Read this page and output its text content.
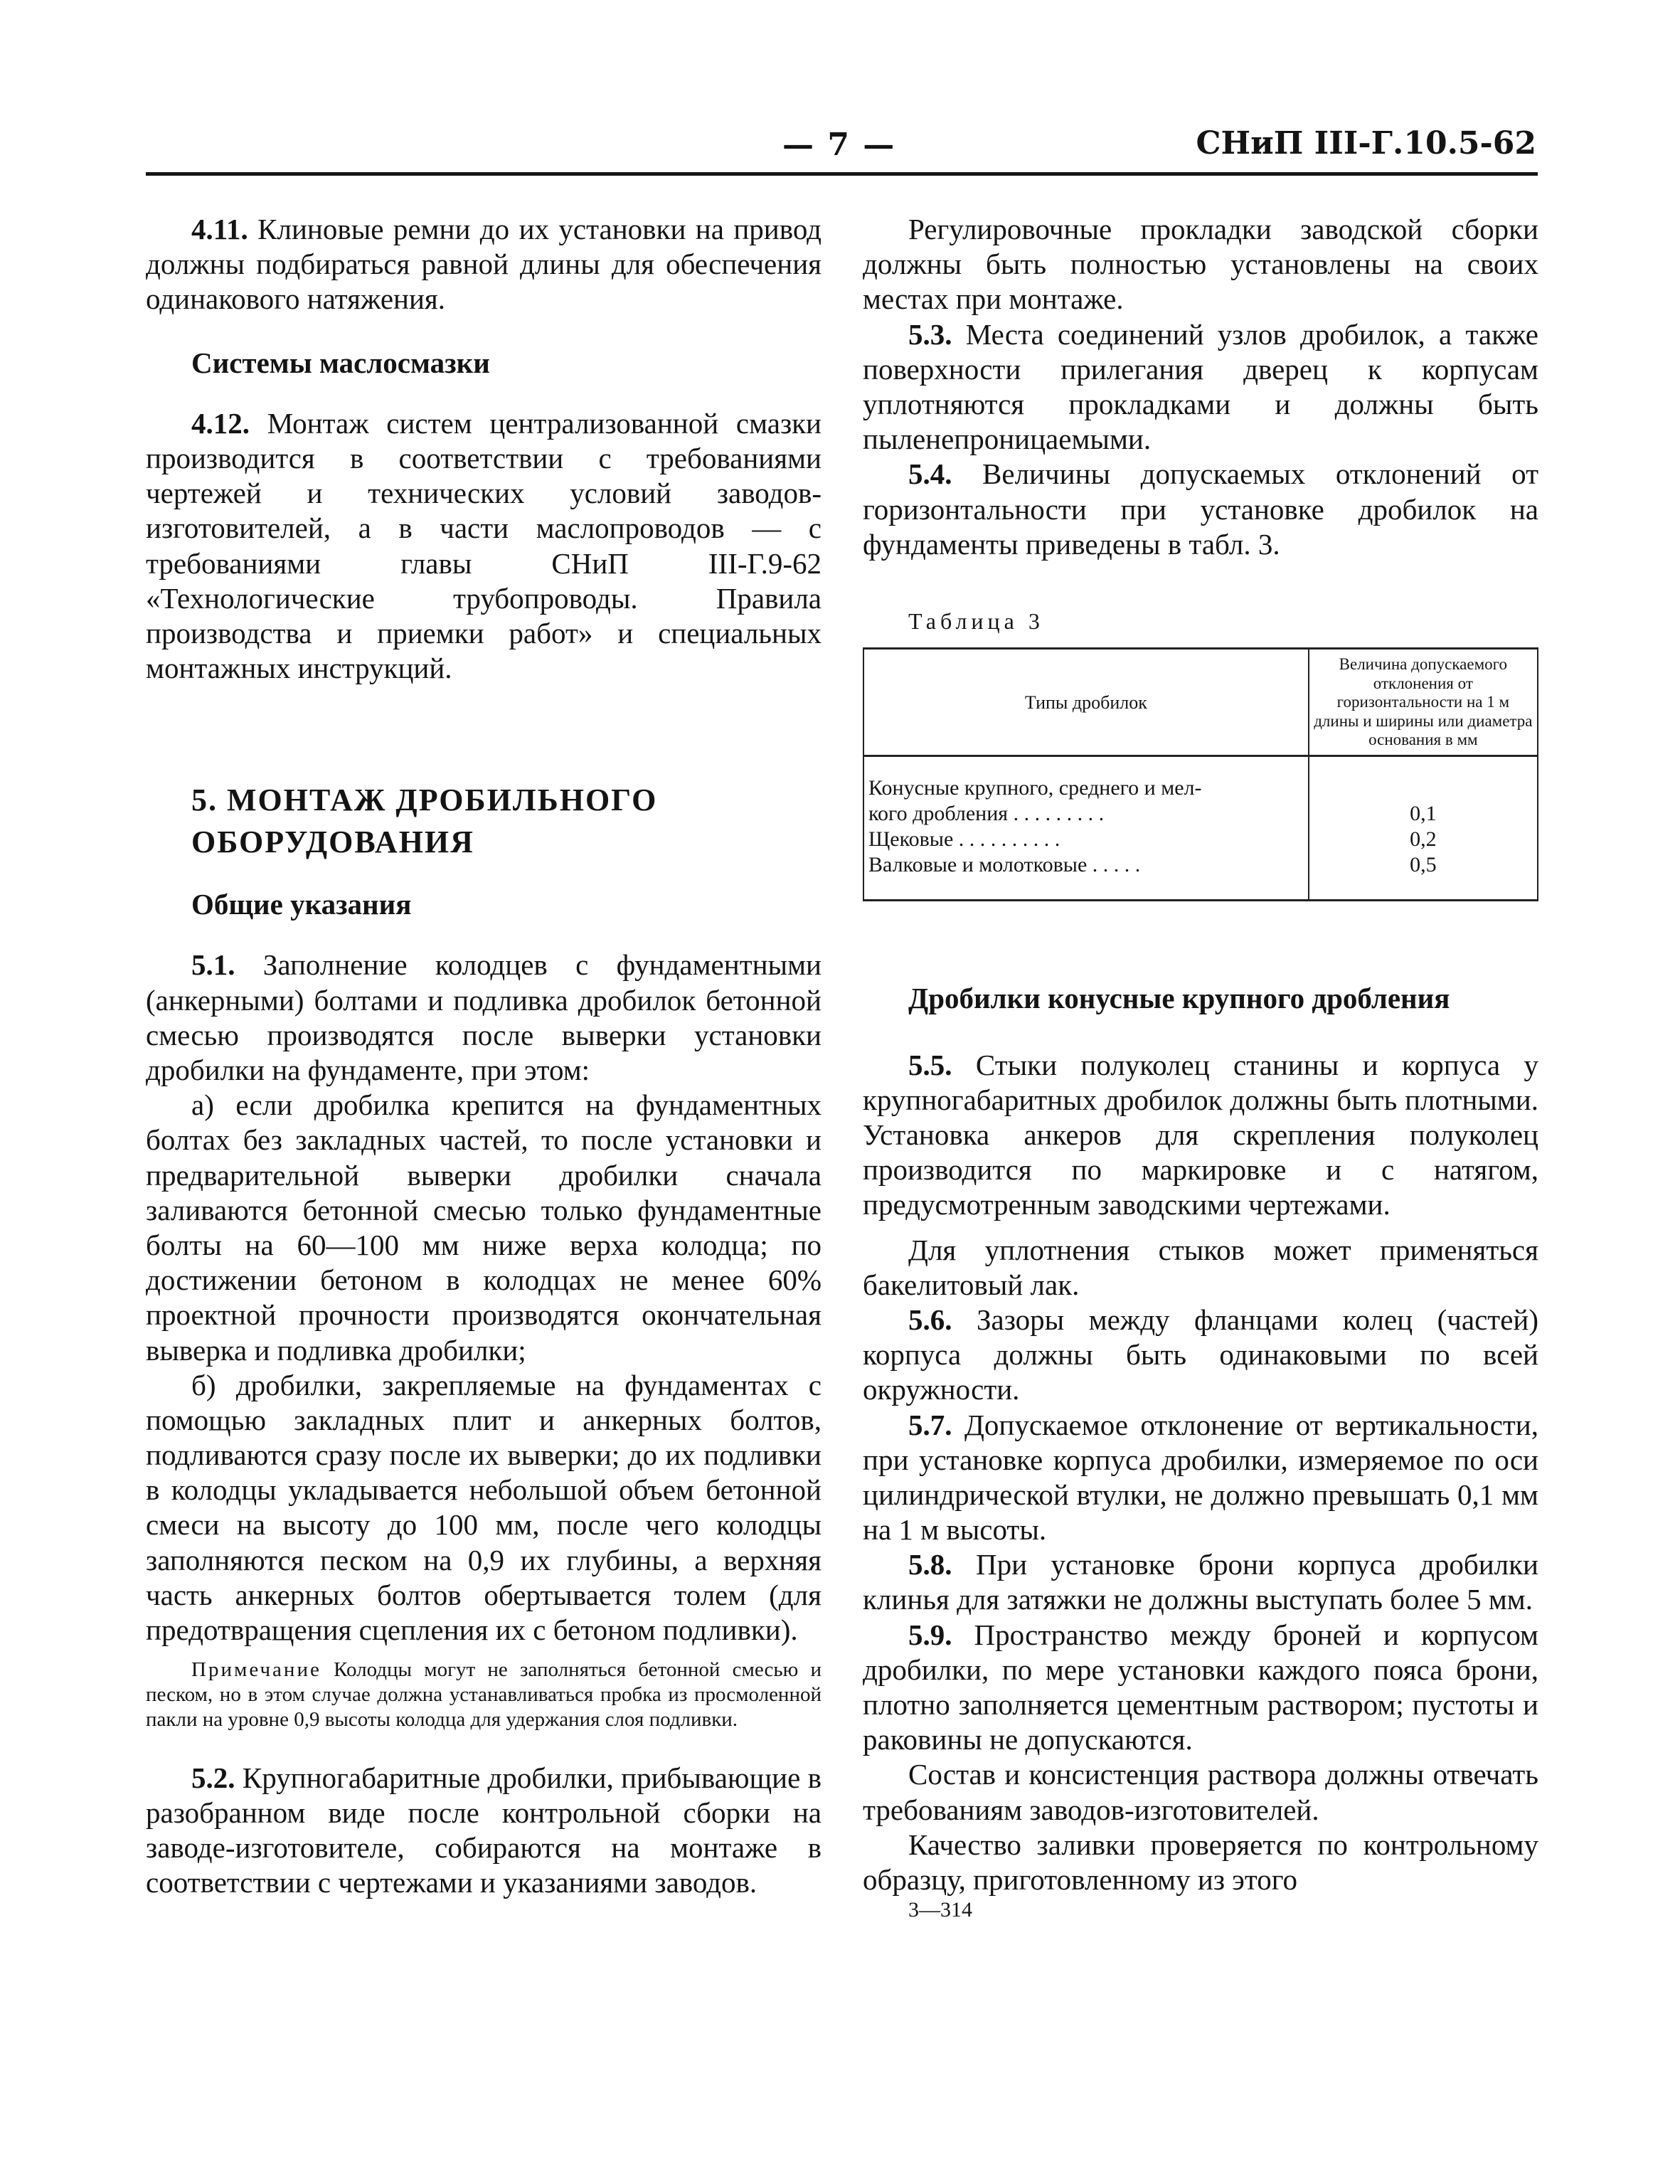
— 7 —	СНиП III-Г.10.5-62

4.11. Клиновые ремни до их установки на привод должны подбираться равной длины для обеспечения одинакового натяжения.

Системы маслосмазки

4.12. Монтаж систем централизованной смазки производится в соответствии с требованиями чертежей и технических условий заводов-изготовителей, а в части маслопроводов — с требованиями главы СНиП III-Г.9-62 «Технологические трубопроводы. Правила производства и приемки работ» и специальных монтажных инструкций.

5. МОНТАЖ ДРОБИЛЬНОГО

ОБОРУДОВАНИЯ

Общие указания

5.1. Заполнение колодцев с фундаментными (анкерными) болтами и подливка дробилок бетонной смесью производятся после выверки установки дробилки на фундаменте, при этом:

а) если дробилка крепится на фундаментных болтах без закладных частей, то после установки и предварительной выверки дробилки сначала заливаются бетонной смесью только фундаментные болты на 60—100 мм ниже верха колодца; по достижении бетоном в колодцах не менее 60% проектной прочности производятся окончательная выверка и подливка дробилки;

б) дробилки, закрепляемые на фундаментах с помощью закладных плит и анкерных болтов, подливаются сразу после их выверки; до их подливки в колодцы укладывается небольшой объем бетонной смеси на высоту до 100 мм, после чего колодцы заполняются песком на 0,9 их глубины, а верхняя часть анкерных болтов обертывается толем (для предотвращения сцепления их с бетоном подливки).

Примечание Колодцы могут не заполняться бетонной смесью и песком, но в этом случае должна устанавливаться пробка из просмоленной пакли на уровне 0,9 высоты колодца для удержания слоя подливки.

5.2. Крупногабаритные дробилки, прибывающие в разобранном виде после контрольной сборки на заводе-изготовителе, собираются на монтаже в соответствии с чертежами и указаниями заводов.

Регулировочные прокладки заводской сборки должны быть полностью установлены на своих местах при монтаже.

5.3. Места соединений узлов дробилок, а также поверхности прилегания дверец к корпусам уплотняются прокладками и должны быть пыленепроницаемыми.

5.4. Величины допускаемых отклонений от горизонтальности при установке дробилок на фундаменты приведены в табл. 3.

Таблица 3

Типы дробилок	Величина допускаемого отклонения от горизонтальности на 1 м длины и ширины или диаметра основания в мм

Конусные крупного, среднего и мел-
кого дробления . . . . . . . . .	0,1
Щековые . . . . . . . . . .	0,2
Валковые и молотковые . . . . .	0,5

Дробилки конусные крупного дробления

5.5. Стыки полуколец станины и корпуса у крупногабаритных дробилок должны быть плотными. Установка анкеров для скрепления полуколец производится по маркировке и с натягом, предусмотренным заводскими чертежами.

Для уплотнения стыков может применяться бакелитовый лак.

5.6. Зазоры между фланцами колец (частей) корпуса должны быть одинаковыми по всей окружности.

5.7. Допускаемое отклонение от вертикальности, при установке корпуса дробилки, измеряемое по оси цилиндрической втулки, не должно превышать 0,1 мм на 1 м высоты.

5.8. При установке брони корпуса дробилки клинья для затяжки не должны выступать более 5 мм.

5.9. Пространство между броней и корпусом дробилки, по мере установки каждого пояса брони, плотно заполняется цементным раствором; пустоты и раковины не допускаются.

Состав и консистенция раствора должны отвечать требованиям заводов-изготовителей.

Качество заливки проверяется по контрольному образцу, приготовленному из этого

3—314
